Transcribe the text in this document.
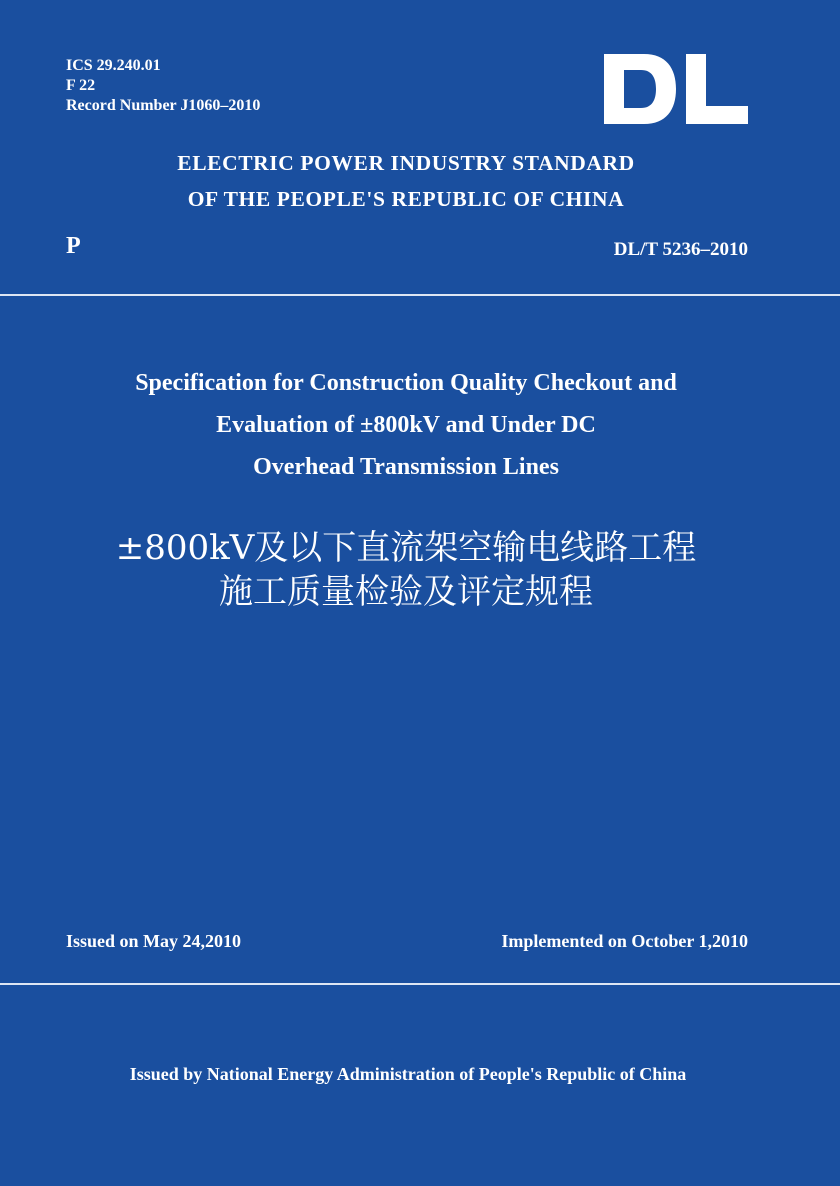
ICS 29.240.01
F 22
Record Number J1060–2010
ELECTRIC POWER INDUSTRY STANDARD
OF THE PEOPLE'S REPUBLIC OF CHINA
P	DL/T 5236–2010
Specification for Construction Quality Checkout and
Evaluation of ±800kV and Under DC
Overhead Transmission Lines
±800kV及以下直流架空输电线路工程
施工质量检验及评定规程
Issued on May 24,2010	Implemented on October 1,2010
Issued by National Energy Administration of People's Republic of China
